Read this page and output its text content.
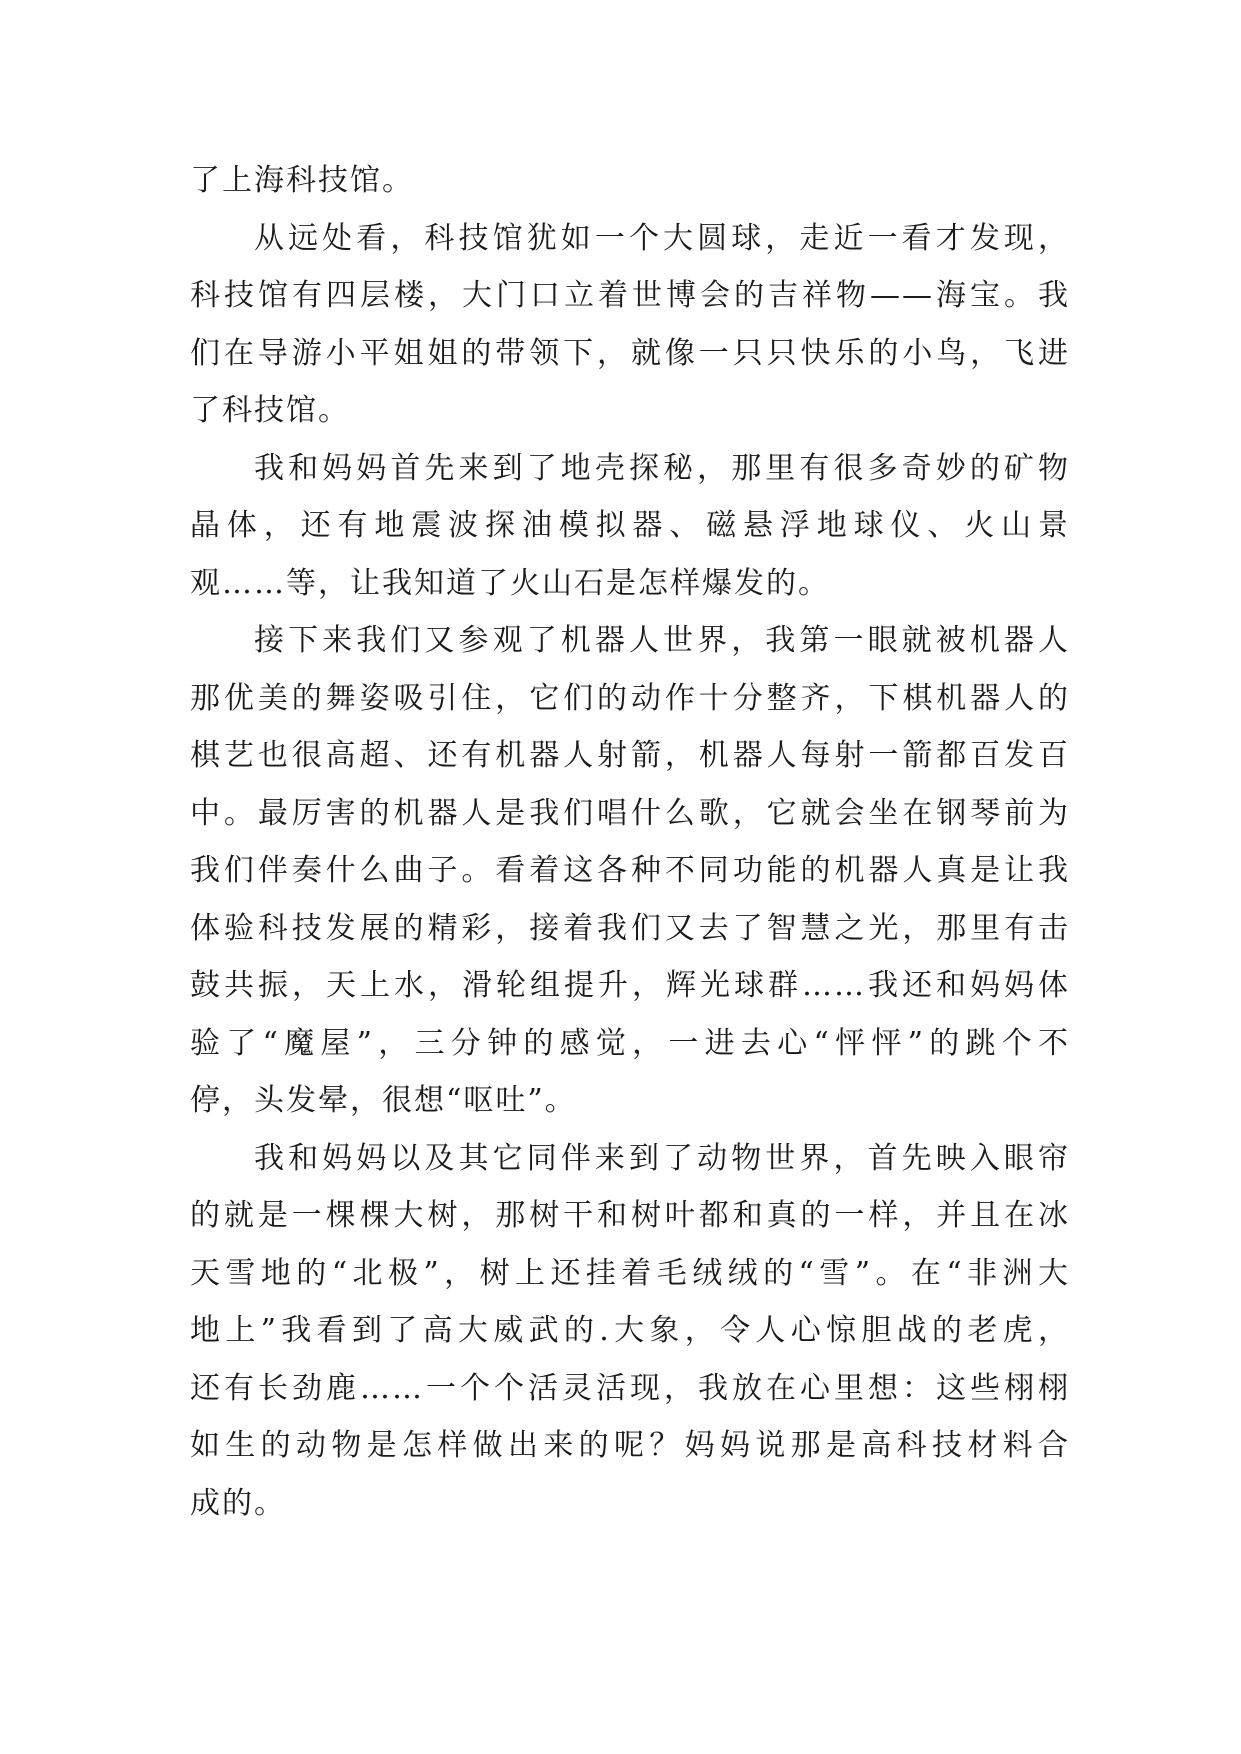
了上海科技馆。
从远处看，科技馆犹如一个大圆球，走近一看才发现，
科技馆有四层楼，大门口立着世博会的吉祥物——海宝。我
们在导游小平姐姐的带领下，就像一只只快乐的小鸟，飞进
了科技馆。
我和妈妈首先来到了地壳探秘，那里有很多奇妙的矿物
晶体，还有地震波探油模拟器、磁悬浮地球仪、火山景
观……等，让我知道了火山石是怎样爆发的。
接下来我们又参观了机器人世界，我第一眼就被机器人
那优美的舞姿吸引住，它们的动作十分整齐，下棋机器人的
棋艺也很高超、还有机器人射箭，机器人每射一箭都百发百
中。最厉害的机器人是我们唱什么歌，它就会坐在钢琴前为
我们伴奏什么曲子。看着这各种不同功能的机器人真是让我
体验科技发展的精彩，接着我们又去了智慧之光，那里有击
鼓共振，天上水，滑轮组提升，辉光球群……我还和妈妈体
验了“魔屋”，三分钟的感觉，一进去心“怦怦”的跳个不
停，头发晕，很想“呕吐”。
我和妈妈以及其它同伴来到了动物世界，首先映入眼帘
的就是一棵棵大树，那树干和树叶都和真的一样，并且在冰
天雪地的“北极”，树上还挂着毛绒绒的“雪”。在“非洲大
地上”我看到了高大威武的.大象，令人心惊胆战的老虎，
还有长劲鹿……一个个活灵活现，我放在心里想：这些栩栩
如生的动物是怎样做出来的呢？妈妈说那是高科技材料合
成的。
